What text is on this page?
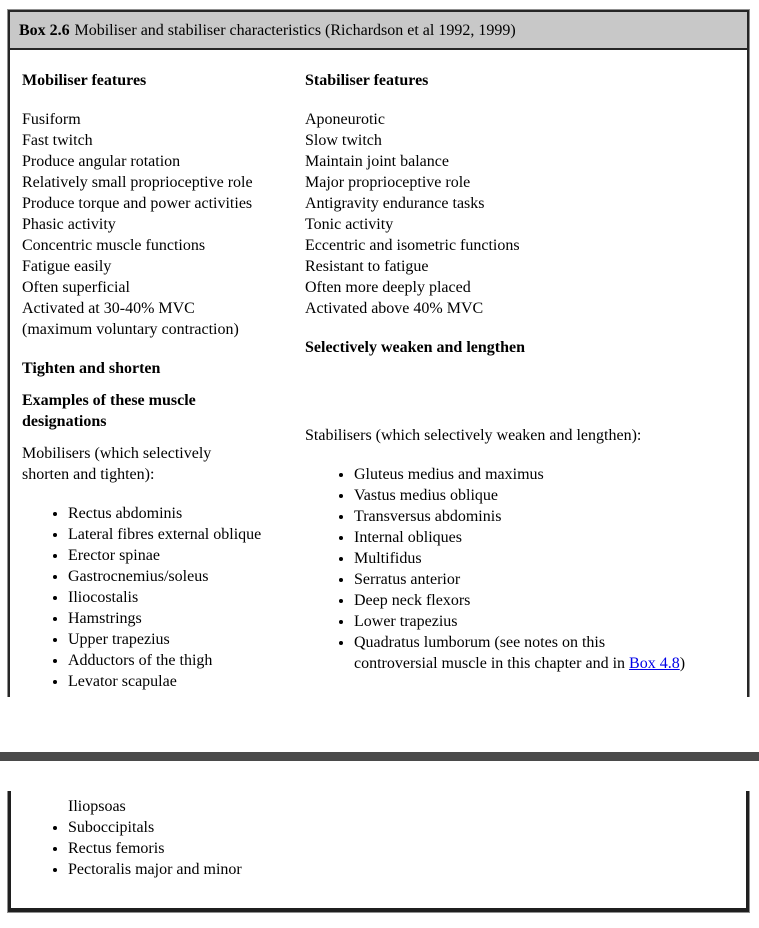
Box 2.6 Mobiliser and stabiliser characteristics (Richardson et al 1992, 1999)

Mobiliser features

Fusiform
Fast twitch
Produce angular rotation
Relatively small proprioceptive role
Produce torque and power activities
Phasic activity
Concentric muscle functions
Fatigue easily
Often superficial
Activated at 30-40% MVC
(maximum voluntary contraction)

Tighten and shorten

Examples of these muscle designations

Mobilisers (which selectively
shorten and tighten):

• Rectus abdominis
• Lateral fibres external oblique
• Erector spinae
• Gastrocnemius/soleus
• Iliocostalis
• Hamstrings
• Upper trapezius
• Adductors of the thigh
• Levator scapulae

Stabiliser features

Aponeurotic
Slow twitch
Maintain joint balance
Major proprioceptive role
Antigravity endurance tasks
Tonic activity
Eccentric and isometric functions
Resistant to fatigue
Often more deeply placed
Activated above 40% MVC

Selectively weaken and lengthen

Stabilisers (which selectively weaken and lengthen):

• Gluteus medius and maximus
• Vastus medius oblique
• Transversus abdominis
• Internal obliques
• Multifidus
• Serratus anterior
• Deep neck flexors
• Lower trapezius
• Quadratus lumborum (see notes on this
controversial muscle in this chapter and in Box 4.8)
Iliopsoas
• Suboccipitals
• Rectus femoris
• Pectoralis major and minor
